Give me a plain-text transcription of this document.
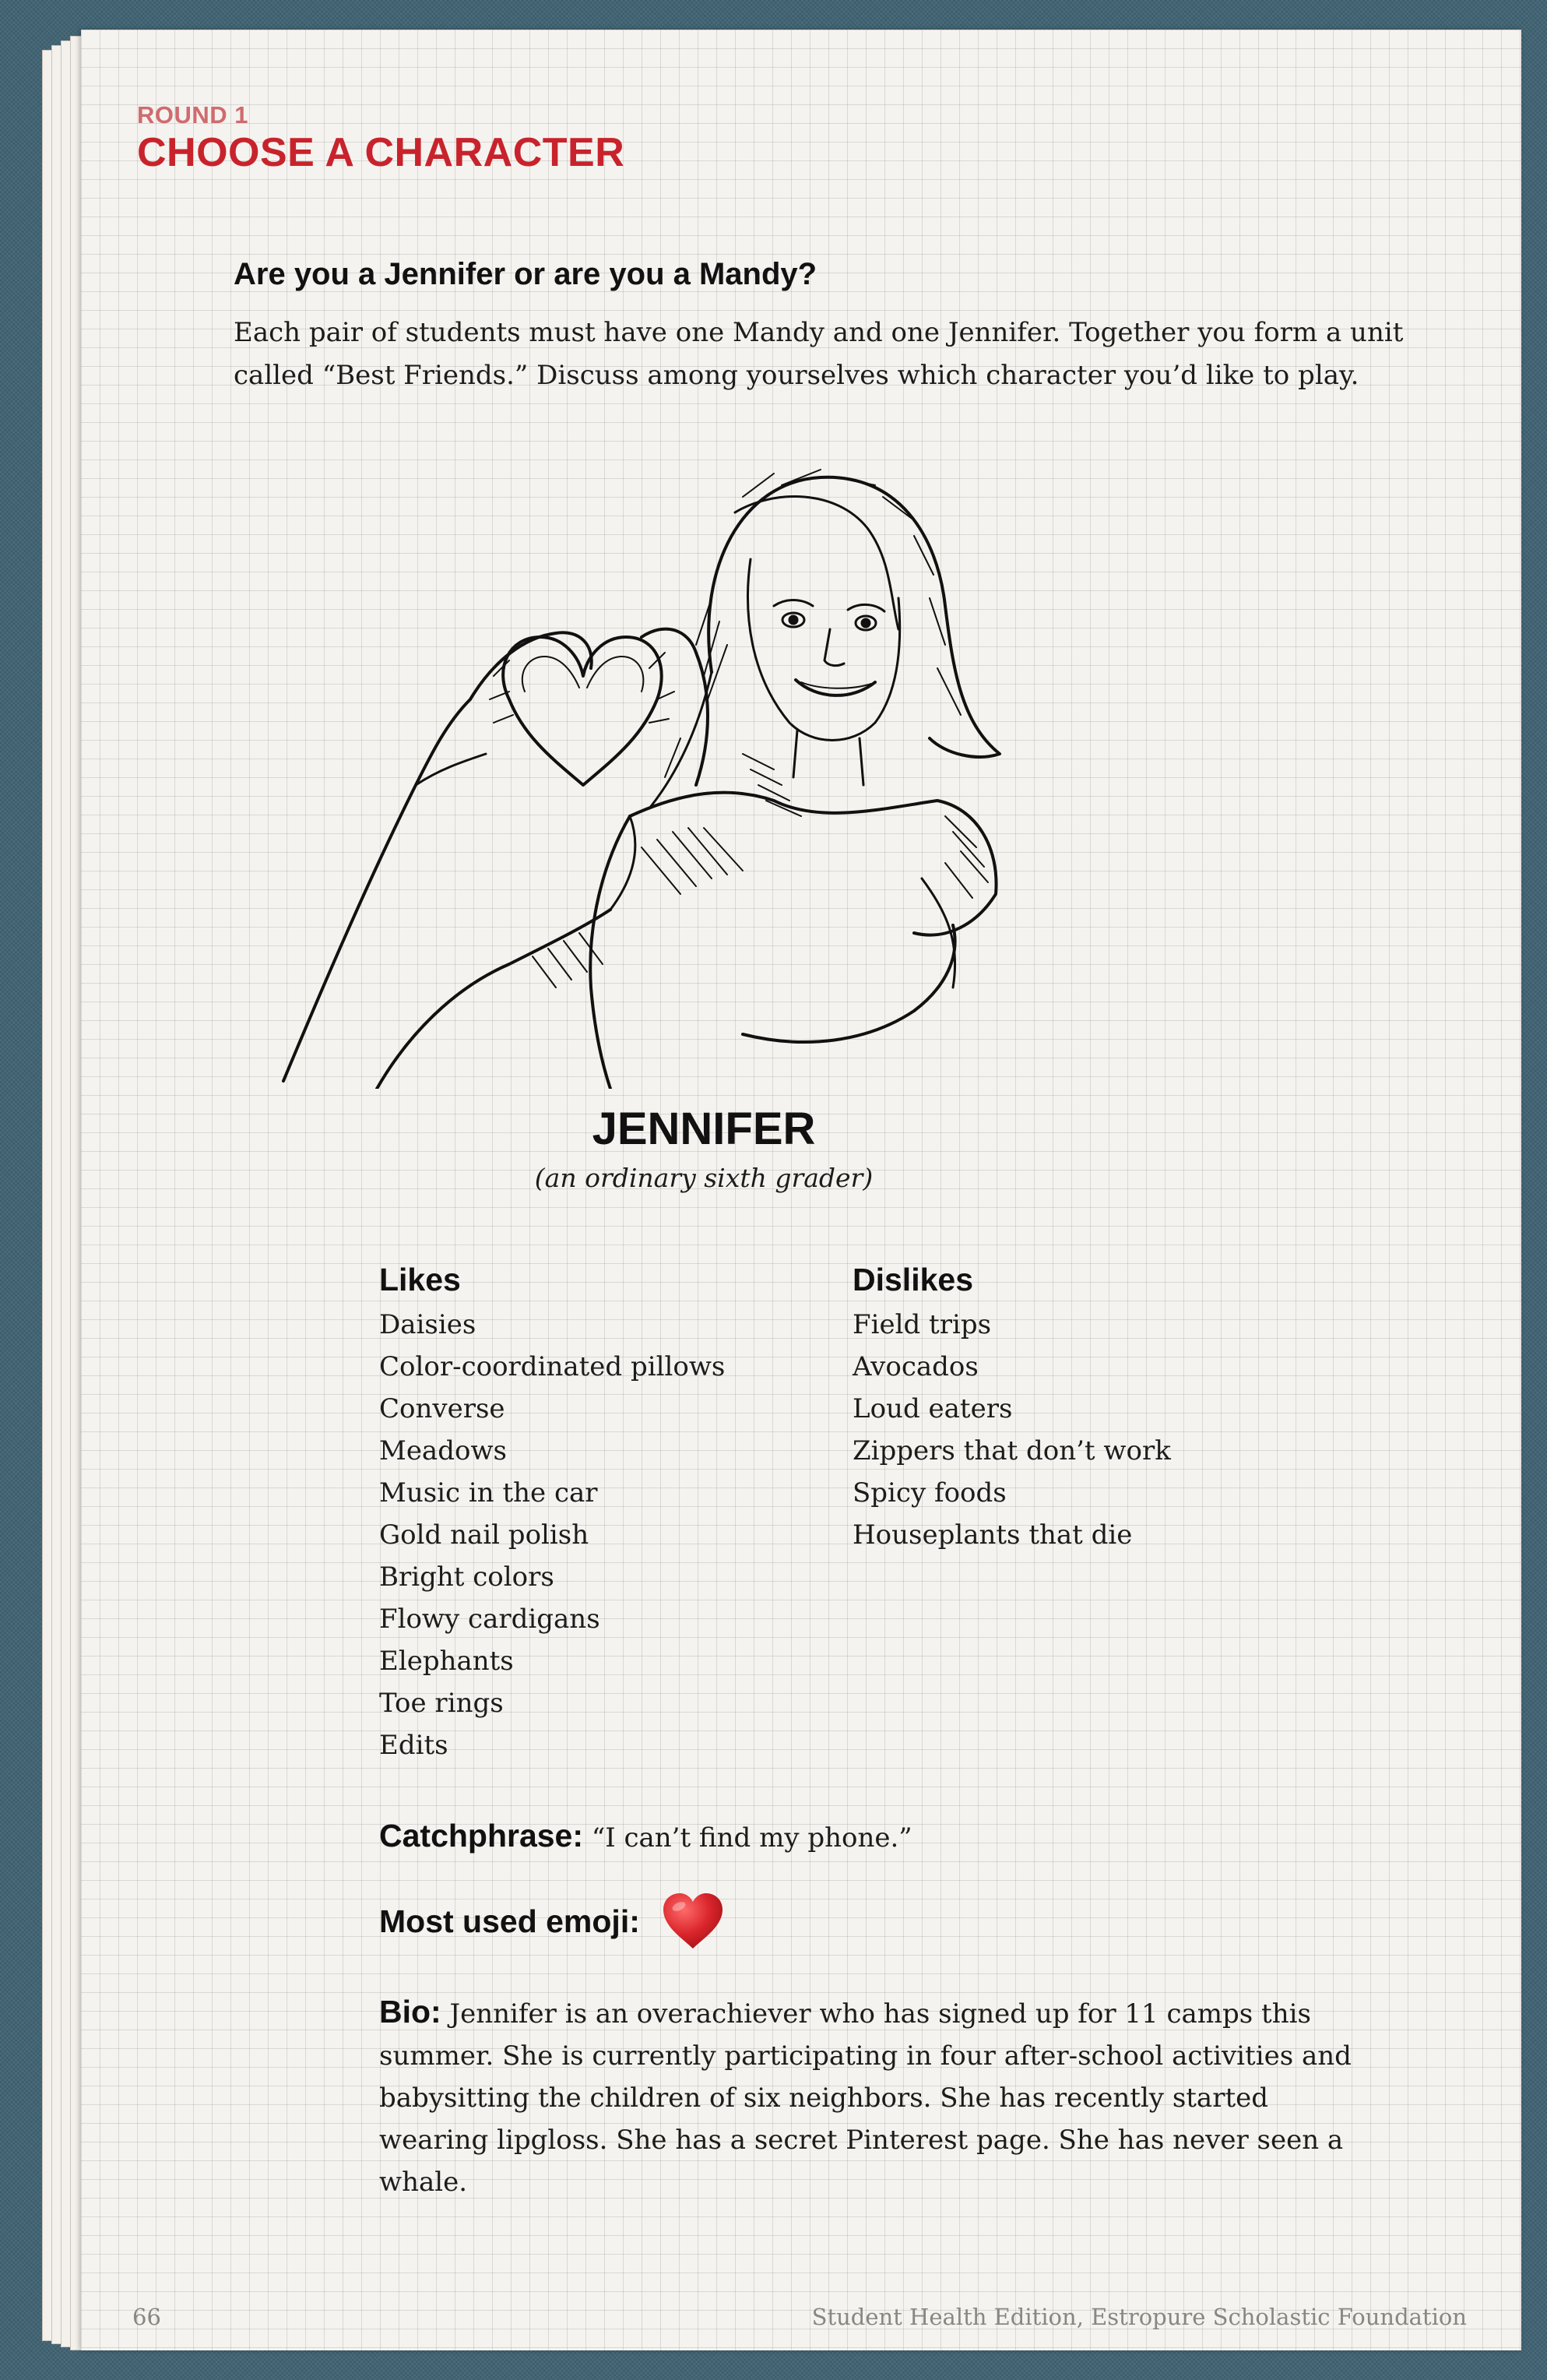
ROUND 1
CHOOSE A CHARACTER
Are you a Jennifer or are you a Mandy?

Each pair of students must have one Mandy and one Jennifer. Together you form a unit called “Best Friends.” Discuss among yourselves which character you’d like to play.

JENNIFER
(an ordinary sixth grader)
Likes
Daisies
Color-coordinated pillows
Converse
Meadows
Music in the car
Gold nail polish
Bright colors
Flowy cardigans
Elephants
Toe rings
Edits
Dislikes
Field trips
Avocados
Loud eaters
Zippers that don’t work
Spicy foods
Houseplants that die
Catchphrase: “I can’t find my phone.”
Most used emoji:

Bio: Jennifer is an overachiever who has signed up for 11 camps this summer. She is currently participating in four after-school activities and babysitting the children of six neighbors. She has recently started wearing lipgloss. She has a secret Pinterest page. She has never seen a whale.

66	Student Health Edition, Estropure Scholastic Foundation
